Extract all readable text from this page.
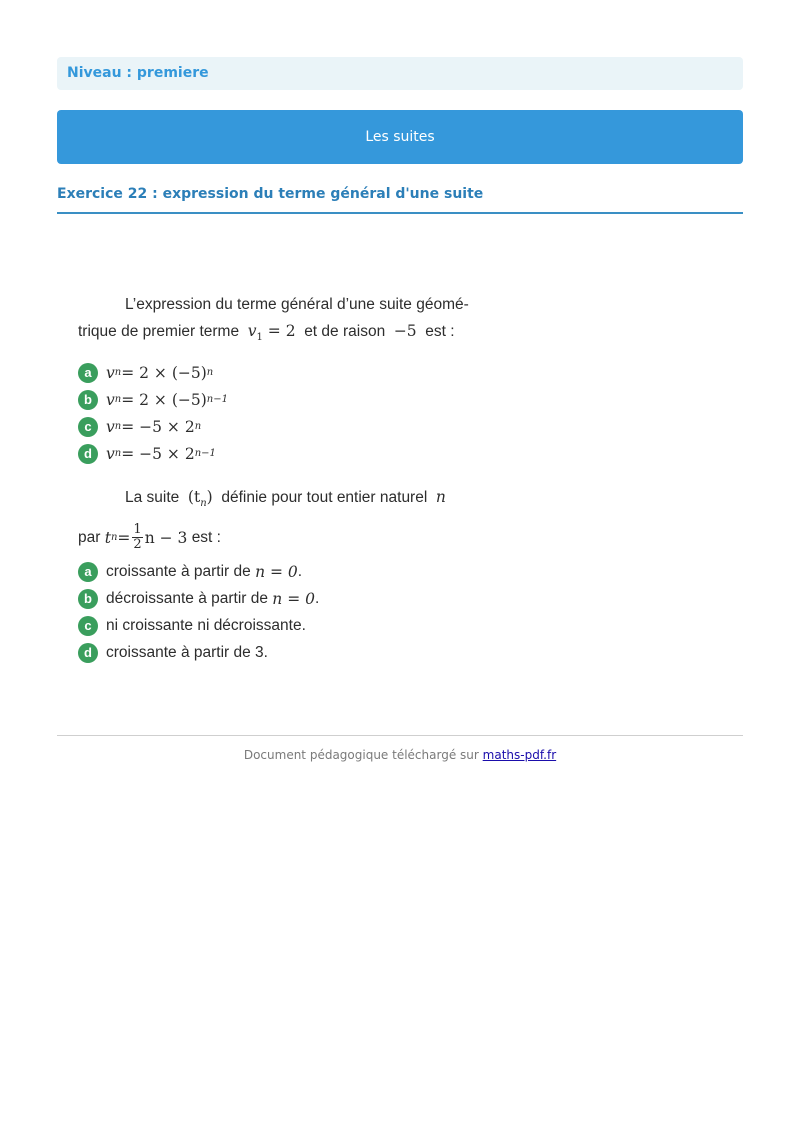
Niveau : premiere
Les suites
Exercice 22 : expression du terme général d'une suite
L’expression du terme général d’une suite géomé-
trique de premier terme $v_1 = 2$ et de raison −5 est :
a v n = 2 × (−5) n
b v n = 2 × (−5) n−1
c v n = −5 × 2 n
d v n = −5 × 2 n−1
La suite $(t_n)$ définie pour tout entier naturel n
par
t $n = \frac{1}{2}$ n − 3
est :
a croissante à partir de
n = 0 .
b décroissante à partir de
n = 0 .
c ni croissante ni décroissante.
d croissante à partir de 3.
Document pédagogique téléchargé sur maths-pdf.fr
